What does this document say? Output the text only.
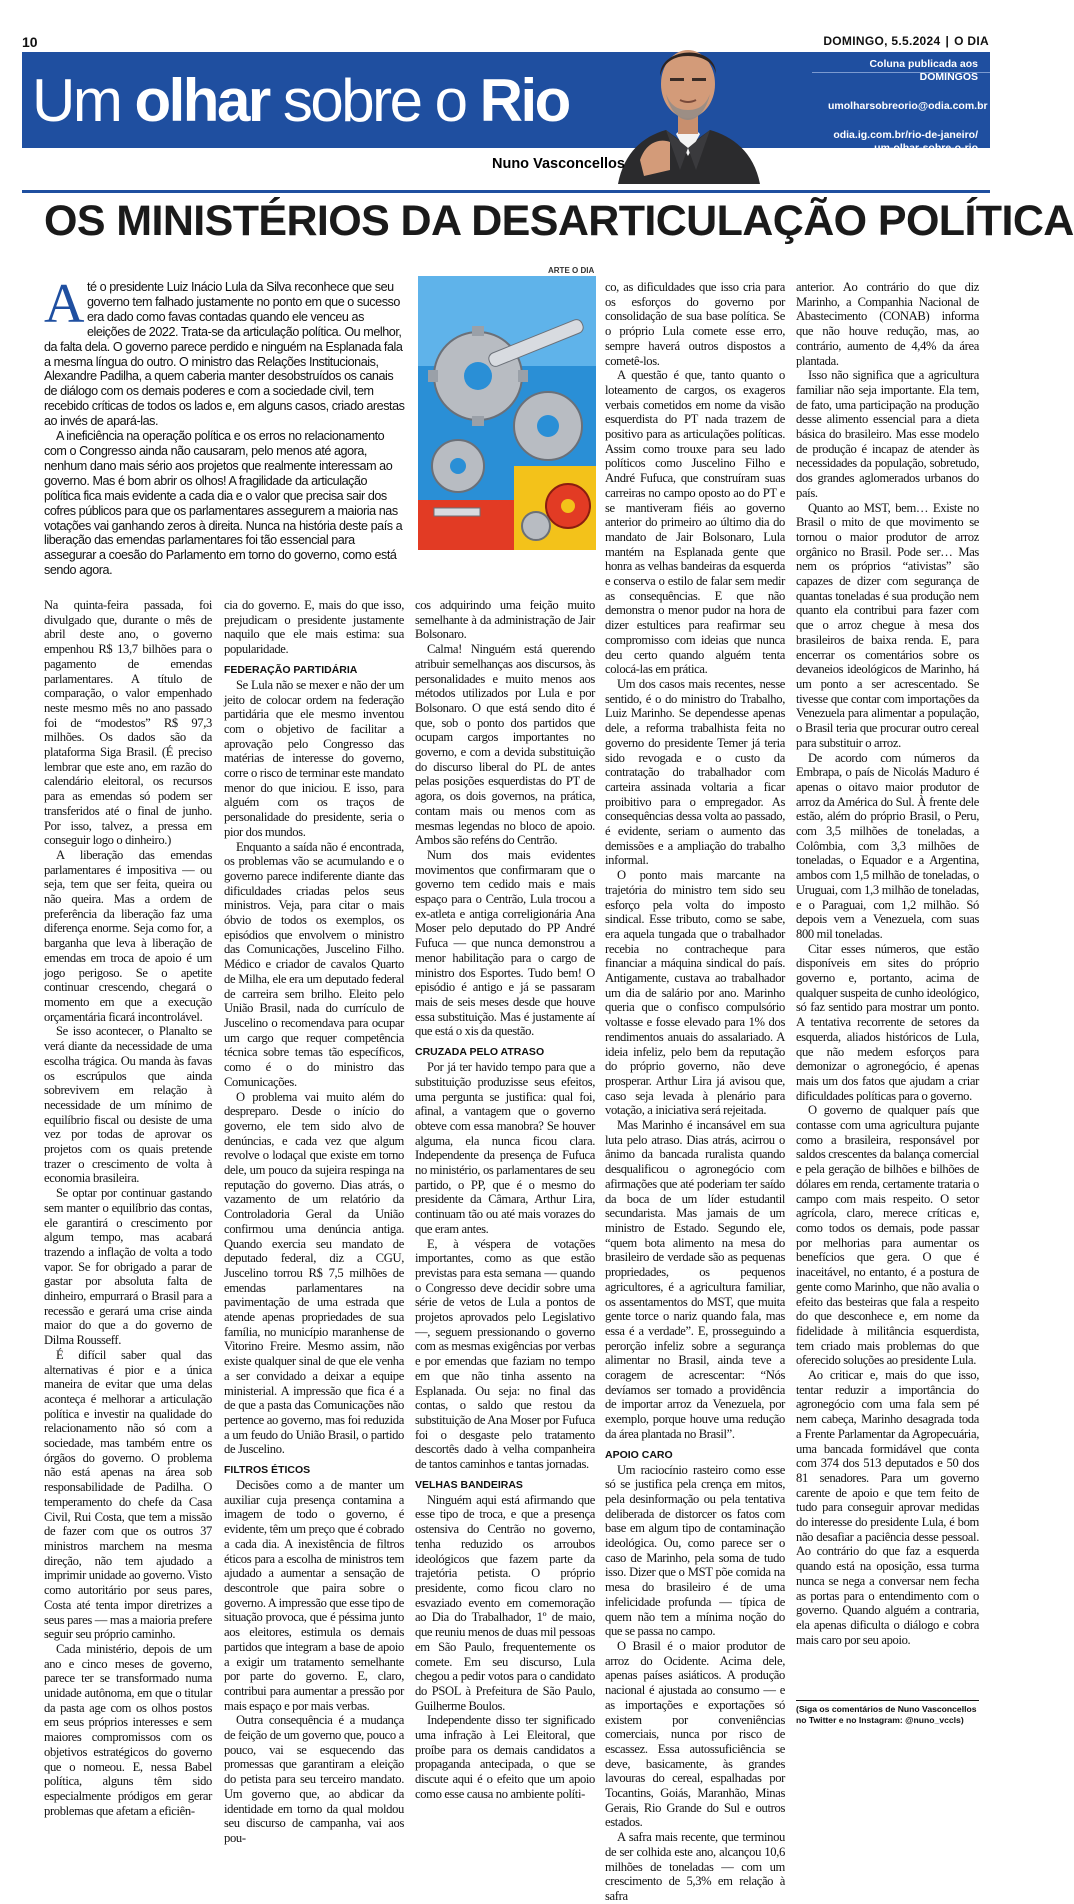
10	DOMINGO, 5.5.2024 | O DIA
Um olhar sobre o Rio
Coluna publicada aos
DOMINGOS
umolharsobreorio@odia.com.br
odia.ig.com.br/rio-de-janeiro/
um-olhar-sobre-o-rio
Nuno Vasconcellos
OS MINISTÉRIOS DA DESARTICULAÇÃO POLÍTICA
ARTE O DIA

Até o presidente Luiz Inácio Lula da Silva reconhece que seu governo tem falhado justamente no ponto em que o sucesso era dado como favas contadas quando ele venceu as eleições de 2022. Trata-se da articulação política. Ou melhor, da falta dela. O governo parece perdido e ninguém na Esplanada fala a mesma língua do outro. O ministro das Relações Institucionais, Alexandre Padilha, a quem caberia manter desobstruídos os canais de diálogo com os demais poderes e com a sociedade civil, tem recebido críticas de todos os lados e, em alguns casos, criado arestas ao invés de apará-las.

A ineficiência na operação política e os erros no relacionamento com o Congresso ainda não causaram, pelo menos até agora, nenhum dano mais sério aos projetos que realmente interessam ao governo. Mas é bom abrir os olhos! A fragilidade da articulação política fica mais evidente a cada dia e o valor que precisa sair dos cofres públicos para que os parlamentares assegurem a maioria nas votações vai ganhando zeros à direita. Nunca na história deste país a liberação das emendas parlamentares foi tão essencial para assegurar a coesão do Parlamento em torno do governo, como está sendo agora.

Na quinta-feira passada, foi divulgado que, durante o mês de abril deste ano, o governo empenhou R$ 13,7 bilhões para o pagamento de emendas parlamentares. A título de comparação, o valor empenhado neste mesmo mês no ano passado foi de “modestos” R$ 97,3 milhões. Os dados são da plataforma Siga Brasil. (É preciso lembrar que este ano, em razão do calendário eleitoral, os recursos para as emendas só podem ser transferidos até o final de junho. Por isso, talvez, a pressa em conseguir logo o dinheiro.)

A liberação das emendas parlamentares é impositiva — ou seja, tem que ser feita, queira ou não queira. Mas a ordem de preferência da liberação faz uma diferença enorme. Seja como for, a barganha que leva à liberação de emendas em troca de apoio é um jogo perigoso. Se o apetite continuar crescendo, chegará o momento em que a execução orçamentária ficará incontrolável.

Se isso acontecer, o Planalto se verá diante da necessidade de uma escolha trágica. Ou manda às favas os escrúpulos que ainda sobrevivem em relação à necessidade de um mínimo de equilíbrio fiscal ou desiste de uma vez por todas de aprovar os projetos com os quais pretende trazer o crescimento de volta à economia brasileira.

Se optar por continuar gastando sem manter o equilíbrio das contas, ele garantirá o crescimento por algum tempo, mas acabará trazendo a inflação de volta a todo vapor. Se for obrigado a parar de gastar por absoluta falta de dinheiro, empurrará o Brasil para a recessão e gerará uma crise ainda maior do que a do governo de Dilma Rousseff.

É difícil saber qual das alternativas é pior e a única maneira de evitar que uma delas aconteça é melhorar a articulação política e investir na qualidade do relacionamento não só com a sociedade, mas também entre os órgãos do governo. O problema não está apenas na área sob responsabilidade de Padilha. O temperamento do chefe da Casa Civil, Rui Costa, que tem a missão de fazer com que os outros 37 ministros marchem na mesma direção, não tem ajudado a imprimir unidade ao governo. Visto como autoritário por seus pares, Costa até tenta impor diretrizes a seus pares — mas a maioria prefere seguir seu próprio caminho.

Cada ministério, depois de um ano e cinco meses de governo, parece ter se transformado numa unidade autônoma, em que o titular da pasta age com os olhos postos em seus próprios interesses e sem maiores compromissos com os objetivos estratégicos do governo que o nomeou. E, nessa Babel política, alguns têm sido especialmente pródigos em gerar problemas que afetam a eficiên-

cia do governo. E, mais do que isso, prejudicam o presidente justamente naquilo que ele mais estima: sua popularidade.

FEDERAÇÃO PARTIDÁRIA

Se Lula não se mexer e não der um jeito de colocar ordem na federação partidária que ele mesmo inventou com o objetivo de facilitar a aprovação pelo Congresso das matérias de interesse do governo, corre o risco de terminar este mandato menor do que iniciou. E isso, para alguém com os traços de personalidade do presidente, seria o pior dos mundos.

Enquanto a saída não é encontrada, os problemas vão se acumulando e o governo parece indiferente diante das dificuldades criadas pelos seus ministros. Veja, para citar o mais óbvio de todos os exemplos, os episódios que envolvem o ministro das Comunicações, Juscelino Filho. Médico e criador de cavalos Quarto de Milha, ele era um deputado federal de carreira sem brilho. Eleito pelo União Brasil, nada do currículo de Juscelino o recomendava para ocupar um cargo que requer competência técnica sobre temas tão específicos, como é o do ministro das Comunicações.

O problema vai muito além do despreparo. Desde o início do governo, ele tem sido alvo de denúncias, e cada vez que algum revolve o lodaçal que existe em torno dele, um pouco da sujeira respinga na reputação do governo. Dias atrás, o vazamento de um relatório da Controladoria Geral da União confirmou uma denúncia antiga. Quando exercia seu mandato de deputado federal, diz a CGU, Juscelino torrou R$ 7,5 milhões de emendas parlamentares na pavimentação de uma estrada que atende apenas propriedades de sua família, no município maranhense de Vitorino Freire. Mesmo assim, não existe qualquer sinal de que ele venha a ser convidado a deixar a equipe ministerial. A impressão que fica é a de que a pasta das Comunicações não pertence ao governo, mas foi reduzida a um feudo do União Brasil, o partido de Juscelino.

FILTROS ÉTICOS

Decisões como a de manter um auxiliar cuja presença contamina a imagem de todo o governo, é evidente, têm um preço que é cobrado a cada dia. A inexistência de filtros éticos para a escolha de ministros tem ajudado a aumentar a sensação de descontrole que paira sobre o governo. A impressão que esse tipo de situação provoca, que é péssima junto aos eleitores, estimula os demais partidos que integram a base de apoio a exigir um tratamento semelhante por parte do governo. E, claro, contribui para aumentar a pressão por mais espaço e por mais verbas.

Outra consequência é a mudança de feição de um governo que, pouco a pouco, vai se esquecendo das promessas que garantiram a eleição do petista para seu terceiro mandato. Um governo que, ao abdicar da identidade em torno da qual moldou seu discurso de campanha, vai aos pou-

cos adquirindo uma feição muito semelhante à da administração de Jair Bolsonaro.

Calma! Ninguém está querendo atribuir semelhanças aos discursos, às personalidades e muito menos aos métodos utilizados por Lula e por Bolsonaro. O que está sendo dito é que, sob o ponto dos partidos que ocupam cargos importantes no governo, e com a devida substituição do discurso liberal do PL de antes pelas posições esquerdistas do PT de agora, os dois governos, na prática, contam mais ou menos com as mesmas legendas no bloco de apoio. Ambos são reféns do Centrão.

Num dos mais evidentes movimentos que confirmaram que o governo tem cedido mais e mais espaço para o Centrão, Lula trocou a ex-atleta e antiga correligionária Ana Moser pelo deputado do PP André Fufuca — que nunca demonstrou a menor habilitação para o cargo de ministro dos Esportes. Tudo bem! O episódio é antigo e já se passaram mais de seis meses desde que houve essa substituição. Mas é justamente aí que está o xis da questão.

CRUZADA PELO ATRASO

Por já ter havido tempo para que a substituição produzisse seus efeitos, uma pergunta se justifica: qual foi, afinal, a vantagem que o governo obteve com essa manobra? Se houver alguma, ela nunca ficou clara. Independente da presença de Fufuca no ministério, os parlamentares de seu partido, o PP, que é o mesmo do presidente da Câmara, Arthur Lira, continuam tão ou até mais vorazes do que eram antes.

E, à véspera de votações importantes, como as que estão previstas para esta semana — quando o Congresso deve decidir sobre uma série de vetos de Lula a pontos de projetos aprovados pelo Legislativo —, seguem pressionando o governo com as mesmas exigências por verbas e por emendas que faziam no tempo em que não tinha assento na Esplanada. Ou seja: no final das contas, o saldo que restou da substituição de Ana Moser por Fufuca foi o desgaste pelo tratamento descortês dado à velha companheira de tantos caminhos e tantas jornadas.

VELHAS BANDEIRAS

Ninguém aqui está afirmando que esse tipo de troca, e que a presença ostensiva do Centrão no governo, tenha reduzido os arroubos ideológicos que fazem parte da trajetória petista. O próprio presidente, como ficou claro no esvaziado evento em comemoração ao Dia do Trabalhador, 1º de maio, que reuniu menos de duas mil pessoas em São Paulo, frequentemente os comete. Em seu discurso, Lula chegou a pedir votos para o candidato do PSOL à Prefeitura de São Paulo, Guilherme Boulos.

Independente disso ter significado uma infração à Lei Eleitoral, que proíbe para os demais candidatos a propaganda antecipada, o que se discute aqui é o efeito que um apoio como esse causa no ambiente políti-

co, as dificuldades que isso cria para os esforços do governo por consolidação de sua base política. Se o próprio Lula comete esse erro, sempre haverá outros dispostos a cometê-los.

A questão é que, tanto quanto o loteamento de cargos, os exageros verbais cometidos em nome da visão esquerdista do PT nada trazem de positivo para as articulações políticas. Assim como trouxe para seu lado políticos como Juscelino Filho e André Fufuca, que construíram suas carreiras no campo oposto ao do PT e se mantiveram fiéis ao governo anterior do primeiro ao último dia do mandato de Jair Bolsonaro, Lula mantém na Esplanada gente que honra as velhas bandeiras da esquerda e conserva o estilo de falar sem medir as consequências. E que não demonstra o menor pudor na hora de dizer estultices para reafirmar seu compromisso com ideias que nunca deu certo quando alguém tenta colocá-las em prática.

Um dos casos mais recentes, nesse sentido, é o do ministro do Trabalho, Luiz Marinho. Se dependesse apenas dele, a reforma trabalhista feita no governo do presidente Temer já teria sido revogada e o custo da contratação do trabalhador com carteira assinada voltaria a ficar proibitivo para o empregador. As consequências dessa volta ao passado, é evidente, seriam o aumento das demissões e a ampliação do trabalho informal.

O ponto mais marcante na trajetória do ministro tem sido seu esforço pela volta do imposto sindical. Esse tributo, como se sabe, era aquela tungada que o trabalhador recebia no contracheque para financiar a máquina sindical do país. Antigamente, custava ao trabalhador um dia de salário por ano. Marinho queria que o confisco compulsório voltasse e fosse elevado para 1% dos rendimentos anuais do assalariado. A ideia infeliz, pelo bem da reputação do próprio governo, não deve prosperar. Arthur Lira já avisou que, caso seja levada à plenário para votação, a iniciativa será rejeitada.

Mas Marinho é incansável em sua luta pelo atraso. Dias atrás, acirrou o ânimo da bancada ruralista quando desqualificou o agronegócio com afirmações que até poderiam ter saído da boca de um líder estudantil secundarista. Mas jamais de um ministro de Estado. Segundo ele, “quem bota alimento na mesa do brasileiro de verdade são as pequenas propriedades, os pequenos agricultores, é a agricultura familiar, os assentamentos do MST, que muita gente torce o nariz quando fala, mas essa é a verdade”. E, prosseguindo a perorção infeliz sobre a segurança alimentar no Brasil, ainda teve a coragem de acrescentar: “Nós devíamos ser tomado a providência de importar arroz da Venezuela, por exemplo, porque houve uma redução da área plantada no Brasil”.

APOIO CARO

Um raciocínio rasteiro como esse só se justifica pela crença em mitos, pela desinformação ou pela tentativa deliberada de distorcer os fatos com base em algum tipo de contaminação ideológica. Ou, como parece ser o caso de Marinho, pela soma de tudo isso. Dizer que o MST põe comida na mesa do brasileiro é de uma infelicidade profunda — típica de quem não tem a mínima noção do que se passa no campo.

O Brasil é o maior produtor de arroz do Ocidente. Acima dele, apenas países asiáticos. A produção nacional é ajustada ao consumo — e as importações e exportações só existem por conveniências comerciais, nunca por risco de escassez. Essa autossuficiência se deve, basicamente, às grandes lavouras do cereal, espalhadas por Tocantins, Goiás, Maranhão, Minas Gerais, Rio Grande do Sul e outros estados.

A safra mais recente, que terminou de ser colhida este ano, alcançou 10,6 milhões de toneladas — com um crescimento de 5,3% em relação à safra

anterior. Ao contrário do que diz Marinho, a Companhia Nacional de Abastecimento (CONAB) informa que não houve redução, mas, ao contrário, aumento de 4,4% da área plantada.

Isso não significa que a agricultura familiar não seja importante. Ela tem, de fato, uma participação na produção desse alimento essencial para a dieta básica do brasileiro. Mas esse modelo de produção é incapaz de atender às necessidades da população, sobretudo, dos grandes aglomerados urbanos do país.

Quanto ao MST, bem… Existe no Brasil o mito de que movimento se tornou o maior produtor de arroz orgânico no Brasil. Pode ser… Mas nem os próprios “ativistas” são capazes de dizer com segurança de quantas toneladas é sua produção nem quanto ela contribui para fazer com que o arroz chegue à mesa dos brasileiros de baixa renda. E, para encerrar os comentários sobre os devaneios ideológicos de Marinho, há um ponto a ser acrescentado. Se tivesse que contar com importações da Venezuela para alimentar a população, o Brasil teria que procurar outro cereal para substituir o arroz.

De acordo com números da Embrapa, o país de Nicolás Maduro é apenas o oitavo maior produtor de arroz da América do Sul. À frente dele estão, além do próprio Brasil, o Peru, com 3,5 milhões de toneladas, a Colômbia, com 3,3 milhões de toneladas, o Equador e a Argentina, ambos com 1,5 milhão de toneladas, o Uruguai, com 1,3 milhão de toneladas, e o Paraguai, com 1,2 milhão. Só depois vem a Venezuela, com suas 800 mil toneladas.

Citar esses números, que estão disponíveis em sites do próprio governo e, portanto, acima de qualquer suspeita de cunho ideológico, só faz sentido para mostrar um ponto. A tentativa recorrente de setores da esquerda, aliados históricos de Lula, que não medem esforços para demonizar o agronegócio, é apenas mais um dos fatos que ajudam a criar dificuldades políticas para o governo.

O governo de qualquer país que contasse com uma agricultura pujante como a brasileira, responsável por saldos crescentes da balança comercial e pela geração de bilhões e bilhões de dólares em renda, certamente trataria o campo com mais respeito. O setor agrícola, claro, merece críticas e, como todos os demais, pode passar por melhorias para aumentar os benefícios que gera. O que é inaceitável, no entanto, é a postura de gente como Marinho, que não avalia o efeito das besteiras que fala a respeito do que desconhece e, em nome da fidelidade à militância esquerdista, tem criado mais problemas do que oferecido soluções ao presidente Lula.

Ao criticar e, mais do que isso, tentar reduzir a importância do agronegócio com uma fala sem pé nem cabeça, Marinho desagrada toda a Frente Parlamentar da Agropecuária, uma bancada formidável que conta com 374 dos 513 deputados e 50 dos 81 senadores. Para um governo carente de apoio e que tem feito de tudo para conseguir aprovar medidas do interesse do presidente Lula, é bom não desafiar a paciência desse pessoal. Ao contrário do que faz a esquerda quando está na oposição, essa turma nunca se nega a conversar nem fecha as portas para o entendimento com o governo. Quando alguém a contraria, ela apenas dificulta o diálogo e cobra mais caro por seu apoio.

(Siga os comentários de Nuno Vasconcellos no Twitter e no Instagram: @nuno_vccls)
